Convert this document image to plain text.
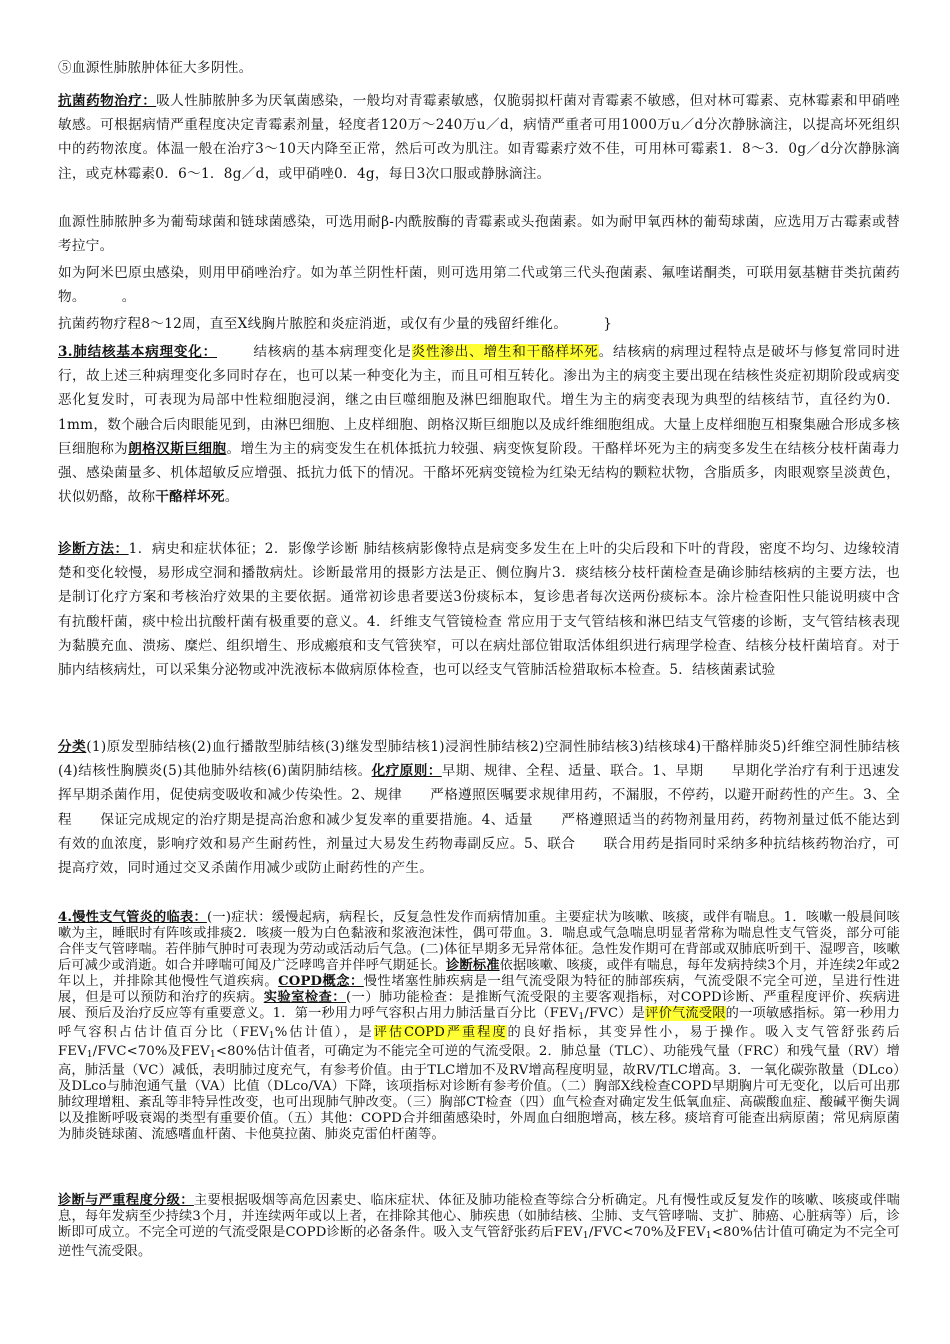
⑤血源性肺脓肿体征大多阴性。

抗菌药物治疗：吸人性肺脓肿多为厌氧菌感染，一般均对青霉素敏感，仅脆弱拟杆菌对青霉素不敏感，但对林可霉素、克林霉素和甲硝唑敏感。可根据病情严重程度决定青霉素剂量，轻度者120万～240万u／d，病情严重者可用1000万u／d分次静脉滴注，以提高坏死组织中的药物浓度。体温一般在治疗3～10天内降至正常，然后可改为肌注。如青霉素疗效不佳，可用林可霉素1．8～3．0g／d分次静脉滴注，或克林霉素0．6～1．8g／d，或甲硝唑0．4g，每日3次口服或静脉滴注。

血源性肺脓肿多为葡萄球菌和链球菌感染，可选用耐β-内酰胺酶的青霉素或头孢菌素。如为耐甲氧西林的葡萄球菌，应选用万古霉素或替考拉宁。

如为阿米巴原虫感染，则用甲硝唑治疗。如为革兰阴性杆菌，则可选用第二代或第三代头孢菌素、氟喹诺酮类，可联用氨基糖苷类抗菌药物。	。

抗菌药物疗程8～12周，直至X线胸片脓腔和炎症消逝，或仅有少量的残留纤维化。	}

3.肺结核基本病理变化：	结核病的基本病理变化是炎性渗出、增生和干酪样坏死。结核病的病理过程特点是破坏与修复常同时进行，故上述三种病理变化多同时存在，也可以某一种变化为主，而且可相互转化。渗出为主的病变主要出现在结核性炎症初期阶段或病变恶化复发时，可表现为局部中性粒细胞浸润，继之由巨噬细胞及淋巴细胞取代。增生为主的病变表现为典型的结核结节，直径约为0．1mm，数个融合后肉眼能见到，由淋巴细胞、上皮样细胞、朗格汉斯巨细胞以及成纤维细胞组成。大量上皮样细胞互相聚集融合形成多核巨细胞称为朗格汉斯巨细胞。增生为主的病变发生在机体抵抗力较强、病变恢复阶段。干酪样坏死为主的病变多发生在结核分枝杆菌毒力强、感染菌量多、机体超敏反应增强、抵抗力低下的情况。干酪坏死病变镜检为红染无结构的颗粒状物，含脂质多，肉眼观察呈淡黄色，状似奶酪，故称干酪样坏死。

诊断方法：1．病史和症状体征；2．影像学诊断 肺结核病影像特点是病变多发生在上叶的尖后段和下叶的背段，密度不均匀、边缘较清楚和变化较慢，易形成空洞和播散病灶。诊断最常用的摄影方法是正、侧位胸片3．痰结核分枝杆菌检查是确诊肺结核病的主要方法，也是制订化疗方案和考核治疗效果的主要依据。通常初诊患者要送3份痰标本，复诊患者每次送两份痰标本。涂片检查阳性只能说明痰中含有抗酸杆菌，痰中检出抗酸杆菌有极重要的意义。4．纤维支气管镜检查 常应用于支气管结核和淋巴结支气管瘘的诊断，支气管结核表现为黏膜充血、溃疡、糜烂、组织增生、形成瘢痕和支气管狭窄，可以在病灶部位钳取活体组织进行病理学检查、结核分枝杆菌培育。对于肺内结核病灶，可以采集分泌物或冲洗液标本做病原体检查，也可以经支气管肺活检猎取标本检查。5．结核菌素试验

分类(1)原发型肺结核(2)血行播散型肺结核(3)继发型肺结核1)浸润性肺结核2)空洞性肺结核3)结核球4)干酪样肺炎5)纤维空洞性肺结核(4)结核性胸膜炎(5)其他肺外结核(6)菌阴肺结核。化疗原则：早期、规律、全程、适量、联合。1、早期 早期化学治疗有利于迅速发挥早期杀菌作用，促使病变吸收和减少传染性。2、规律 严格遵照医嘱要求规律用药，不漏服，不停药，以避开耐药性的产生。3、全程 保证完成规定的治疗期是提高治愈和减少复发率的重要措施。4、适量 严格遵照适当的药物剂量用药，药物剂量过低不能达到有效的血浓度，影响疗效和易产生耐药性，剂量过大易发生药物毒副反应。5、联合 联合用药是指同时采纳多种抗结核药物治疗，可提高疗效，同时通过交叉杀菌作用减少或防止耐药性的产生。

4.慢性支气管炎的临表：(一)症状：缓慢起病，病程长，反复急性发作而病情加重。主要症状为咳嗽、咳痰，或伴有喘息。1．咳嗽一般晨间咳嗽为主，睡眠时有阵咳或排痰2．咳痰一般为白色黏液和浆液泡沫性，偶可带血。3．喘息或气急喘息明显者常称为喘息性支气管炎，部分可能合伴支气管哮喘。若伴肺气肿时可表现为劳动或活动后气急。(二)体征早期多无异常体征。急性发作期可在背部或双肺底听到干、湿啰音，咳嗽后可减少或消逝。如合并哮喘可闻及广泛哮鸣音并伴呼气期延长。诊断标准依据咳嗽、咳痰，或伴有喘息，每年发病持续3个月，并连续2年或2年以上，并排除其他慢性气道疾病。COPD概念：慢性堵塞性肺疾病是一组气流受限为特征的肺部疾病，气流受限不完全可逆，呈进行性进展，但是可以预防和治疗的疾病。实验室检查：(一）肺功能检查：是推断气流受限的主要客观指标，对COPD诊断、严重程度评价、疾病进展、预后及治疗反应等有重要意义。1．第一秒用力呼气容积占用力肺活量百分比$(FEV_1/FVC)$是评价气流受限的一项敏感指标。第一秒用力呼气容积占估计值百分比（$FEV_1\%$估计值），是评估COPD严重程度的良好指标，其变异性小，易于操作。吸入支气管舒张药后$FEV_1/FVC<70\%$及$FEV_1<80\%$估计值者，可确定为不能完全可逆的气流受限。2．肺总量（TLC）、功能残气量（FRC）和残气量（RV）增高，肺活量（VC）减低，表明肺过度充气，有参考价值。由于TLC增加不及RV增高程度明显，故RV/TLC增高。3．一氧化碳弥散量（DLco）及DLco与肺泡通气量（VA）比值（DLco/VA）下降，该项指标对诊断有参考价值。（二）胸部X线检查COPD早期胸片可无变化，以后可出那肺纹理增粗、紊乱等非特异性改变，也可出现肺气肿改变。（三）胸部CT检查（四）血气检查对确定发生低氧血症、高碳酸血症、酸碱平衡失调以及推断呼吸衰竭的类型有重要价值。（五）其他：COPD合并细菌感染时，外周血白细胞增高，核左移。痰培育可能查出病原菌；常见病原菌为肺炎链球菌、流感嗜血杆菌、卡他莫拉菌、肺炎克雷伯杆菌等。

诊断与严重程度分级：主要根据吸烟等高危因素史、临床症状、体征及肺功能检查等综合分析确定。凡有慢性或反复发作的咳嗽、咳痰或伴喘息，每年发病至少持续3个月，并连续两年或以上者，在排除其他心、肺疾患（如肺结核、尘肺、支气管哮喘、支扩、肺癌、心脏病等）后，诊断即可成立。不完全可逆的气流受限是COPD诊断的必备条件。吸入支气管舒张药后$FEV_1/FVC<70\%$及$FEV_1<80\%$估计值可确定为不完全可逆性气流受限。
